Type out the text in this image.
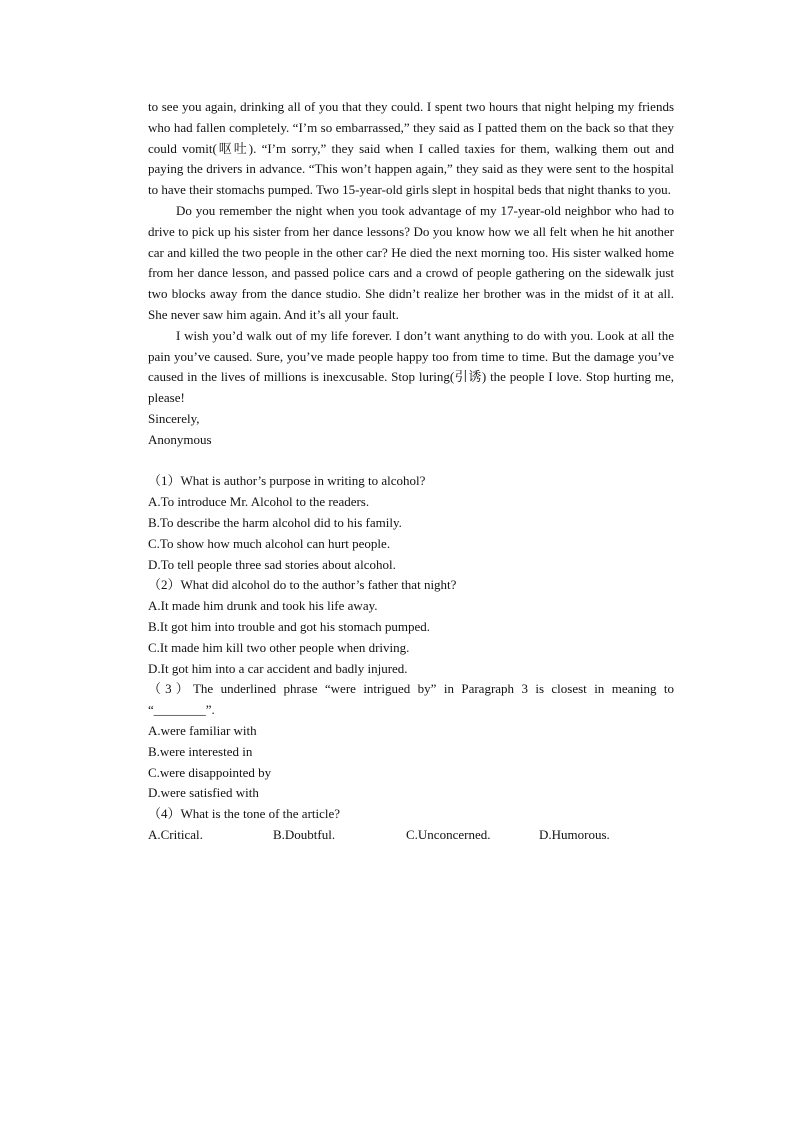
to see you again, drinking all of you that they could. I spent two hours that night helping my friends who had fallen completely. “I’m so embarrassed,” they said as I patted them on the back so that they could vomit(呕吐). “I’m sorry,” they said when I called taxies for them, walking them out and paying the drivers in advance. “This won’t happen again,” they said as they were sent to the hospital to have their stomachs pumped. Two 15-year-old girls slept in hospital beds that night thanks to you.

Do you remember the night when you took advantage of my 17-year-old neighbor who had to drive to pick up his sister from her dance lessons? Do you know how we all felt when he hit another car and killed the two people in the other car? He died the next morning too. His sister walked home from her dance lesson, and passed police cars and a crowd of people gathering on the sidewalk just two blocks away from the dance studio. She didn’t realize her brother was in the midst of it at all. She never saw him again. And it’s all your fault.

I wish you’d walk out of my life forever. I don’t want anything to do with you. Look at all the pain you’ve caused. Sure, you’ve made people happy too from time to time. But the damage you’ve caused in the lives of millions is inexcusable. Stop luring(引诱) the people I love. Stop hurting me, please!

Sincerely,

Anonymous

（1）What is author’s purpose in writing to alcohol?

A.To introduce Mr. Alcohol to the readers.

B.To describe the harm alcohol did to his family.

C.To show how much alcohol can hurt people.

D.To tell people three sad stories about alcohol.

（2）What did alcohol do to the author’s father that night?

A.It made him drunk and took his life away.

B.It got him into trouble and got his stomach pumped.

C.It made him kill two other people when driving.

D.It got him into a car accident and badly injured.

（3）The underlined phrase “were intrigued by” in Paragraph 3 is closest in meaning to “________”.

A.were familiar with

B.were interested in

C.were disappointed by

D.were satisfied with

（4）What is the tone of the article?

A.Critical.	B.Doubtful.	C.Unconcerned.	D.Humorous.
